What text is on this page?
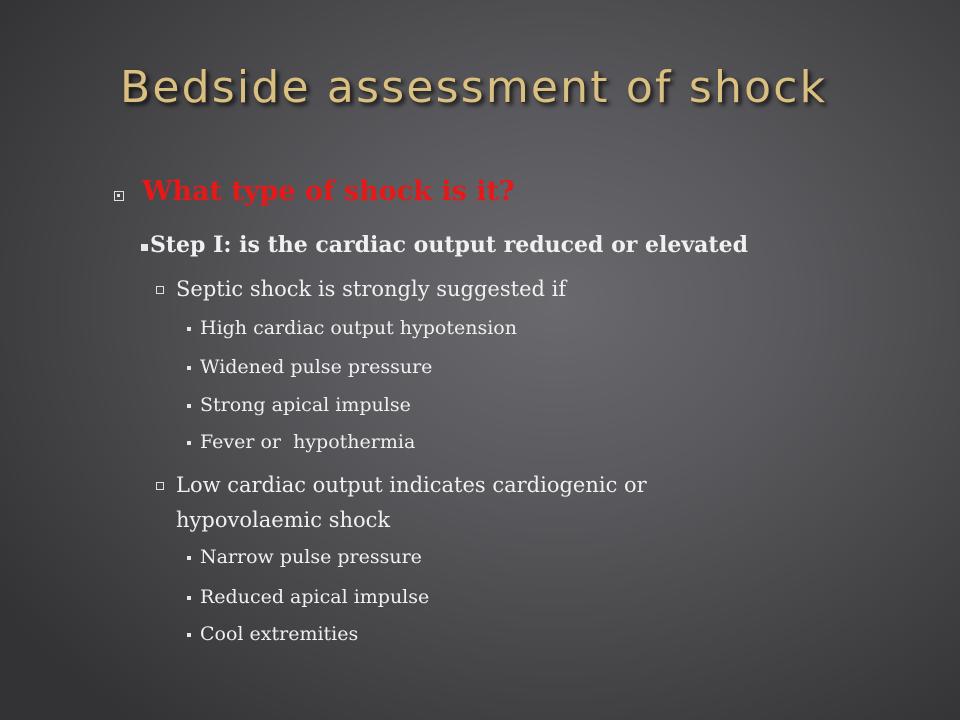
Bedside assessment of shock
What type of shock is it?
Step I: is the cardiac output reduced or elevated
Septic shock is strongly suggested if
High cardiac output hypotension
Widened pulse pressure
Strong apical impulse
Fever or  hypothermia
Low cardiac output indicates cardiogenic or
hypovolaemic shock
Narrow pulse pressure
Reduced apical impulse
Cool extremities
